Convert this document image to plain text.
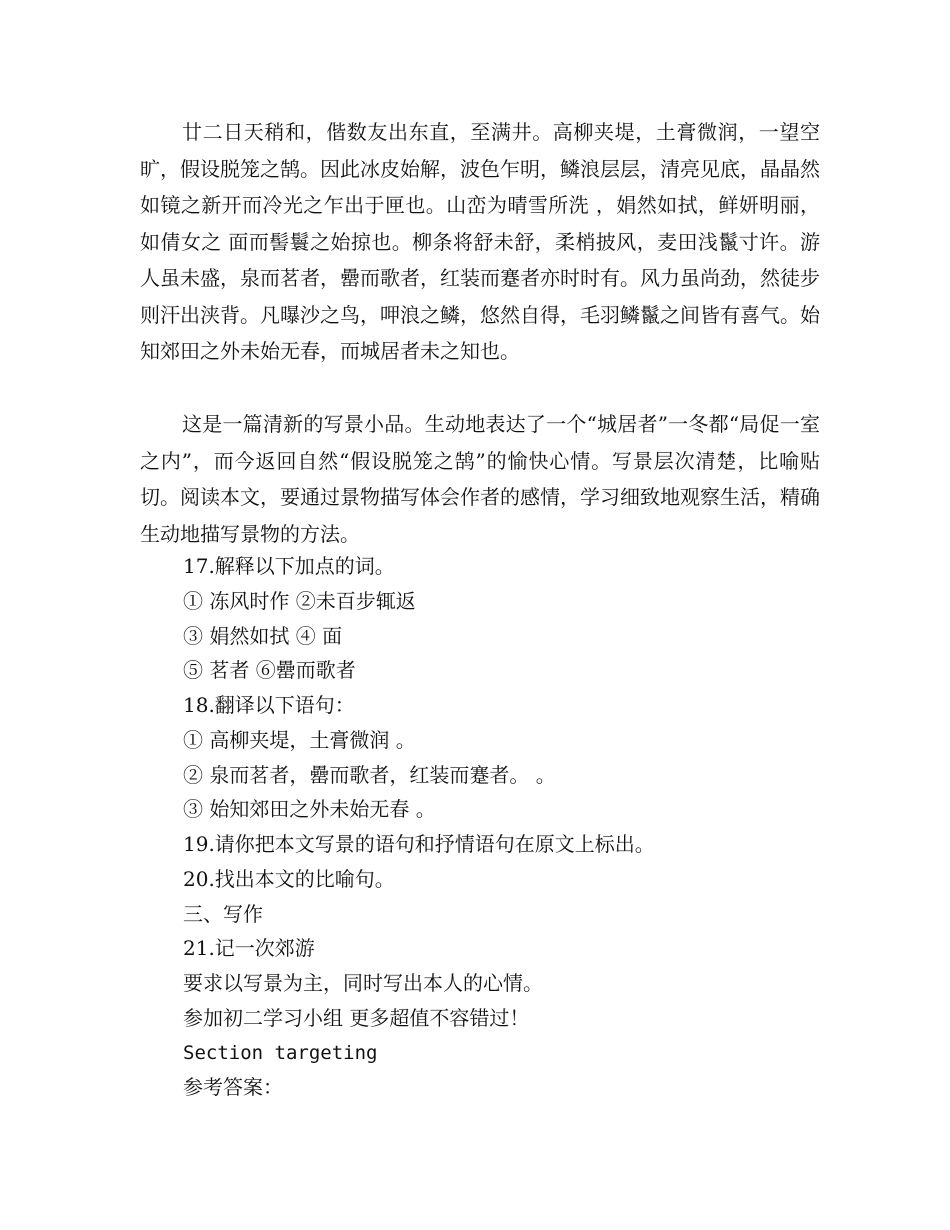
廿二日天稍和，偕数友出东直，至满井。高柳夹堤，土膏微润，一望空旷，假设脱笼之鹄。因此冰皮始解，波色乍明，鳞浪层层，清亮见底，晶晶然如镜之新开而冷光之乍出于匣也。山峦为晴雪所洗 ，娟然如拭，鲜妍明丽，如倩女之 面而髻鬟之始掠也。柳条将舒未舒，柔梢披风，麦田浅鬣寸许。游人虽未盛，泉而茗者，罍而歌者，红装而蹇者亦时时有。风力虽尚劲，然徒步则汗出浃背。凡曝沙之鸟，呷浪之鳞，悠然自得，毛羽鳞鬣之间皆有喜气。始知郊田之外未始无春，而城居者未之知也。

这是一篇清新的写景小品。生动地表达了一个“城居者”一冬都“局促一室之内”，而今返回自然“假设脱笼之鹄”的愉快心情。写景层次清楚，比喻贴切。阅读本文，要通过景物描写体会作者的感情，学习细致地观察生活，精确生动地描写景物的方法。

17.解释以下加点的词。

① 冻风时作 ②未百步辄返

③ 娟然如拭 ④ 面

⑤ 茗者 ⑥罍而歌者

18.翻译以下语句：

① 高柳夹堤，土膏微润 。

② 泉而茗者，罍而歌者，红装而蹇者。 。

③ 始知郊田之外未始无春 。

19.请你把本文写景的语句和抒情语句在原文上标出。

20.找出本文的比喻句。

三、写作

21.记一次郊游

要求以写景为主，同时写出本人的心情。

参加初二学习小组 更多超值不容错过！

Section targeting

参考答案：
